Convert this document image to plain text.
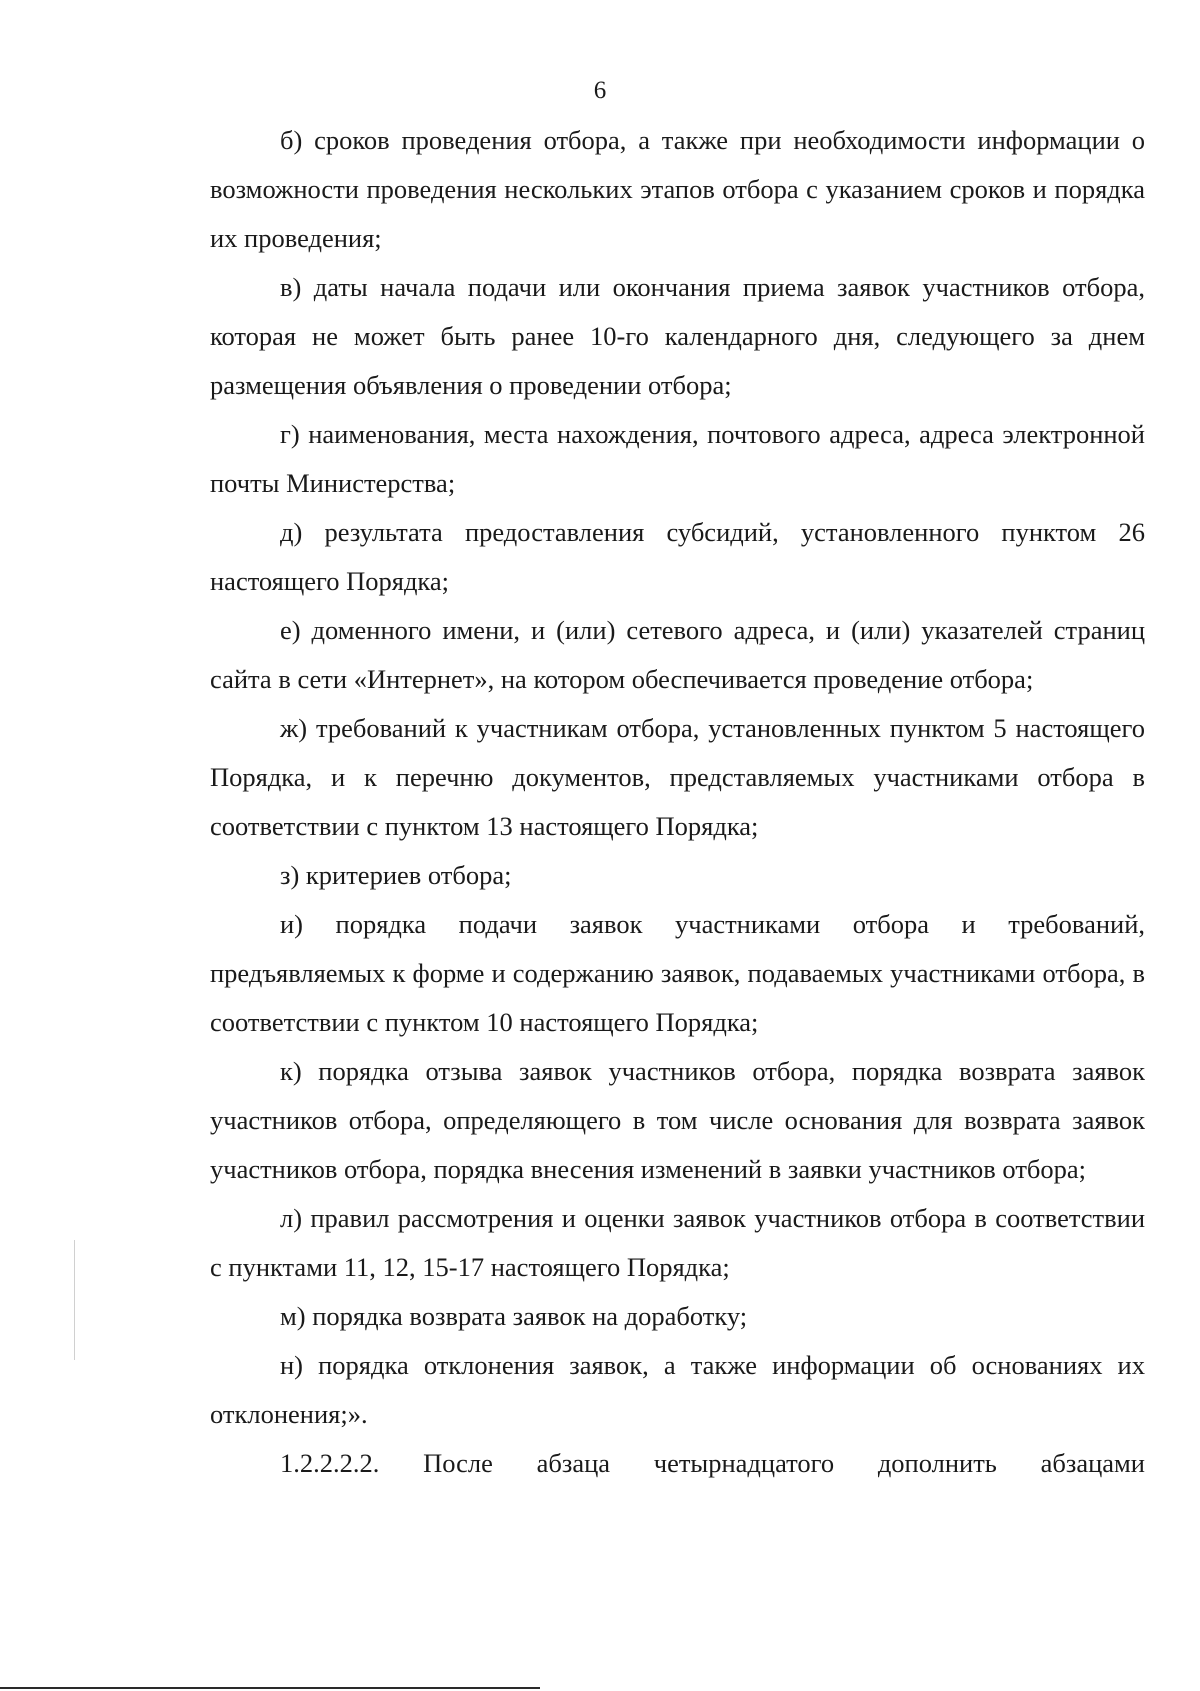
6

б) сроков проведения отбора, а также при необходимости информации о возможности проведения нескольких этапов отбора с указанием сроков и порядка их проведения;

в) даты начала подачи или окончания приема заявок участников отбора, которая не может быть ранее 10-го календарного дня, следующего за днем размещения объявления о проведении отбора;

г) наименования, места нахождения, почтового адреса, адреса электронной почты Министерства;

д) результата предоставления субсидий, установленного пунктом 26 настоящего Порядка;

е) доменного имени, и (или) сетевого адреса, и (или) указателей страниц сайта в сети «Интернет», на котором обеспечивается проведение отбора;

ж) требований к участникам отбора, установленных пунктом 5 настоящего Порядка, и к перечню документов, представляемых участниками отбора в соответствии с пунктом 13 настоящего Порядка;

з) критериев отбора;

и) порядка подачи заявок участниками отбора и требований, предъявляемых к форме и содержанию заявок, подаваемых участниками отбора, в соответствии с пунктом 10 настоящего Порядка;

к) порядка отзыва заявок участников отбора, порядка возврата заявок участников отбора, определяющего в том числе основания для возврата заявок участников отбора, порядка внесения изменений в заявки участников отбора;

л) правил рассмотрения и оценки заявок участников отбора в соответствии с пунктами 11, 12, 15-17 настоящего Порядка;

м) порядка возврата заявок на доработку;

н) порядка отклонения заявок, а также информации об основаниях их отклонения;».

1.2.2.2.2. После абзаца четырнадцатого дополнить абзацами
